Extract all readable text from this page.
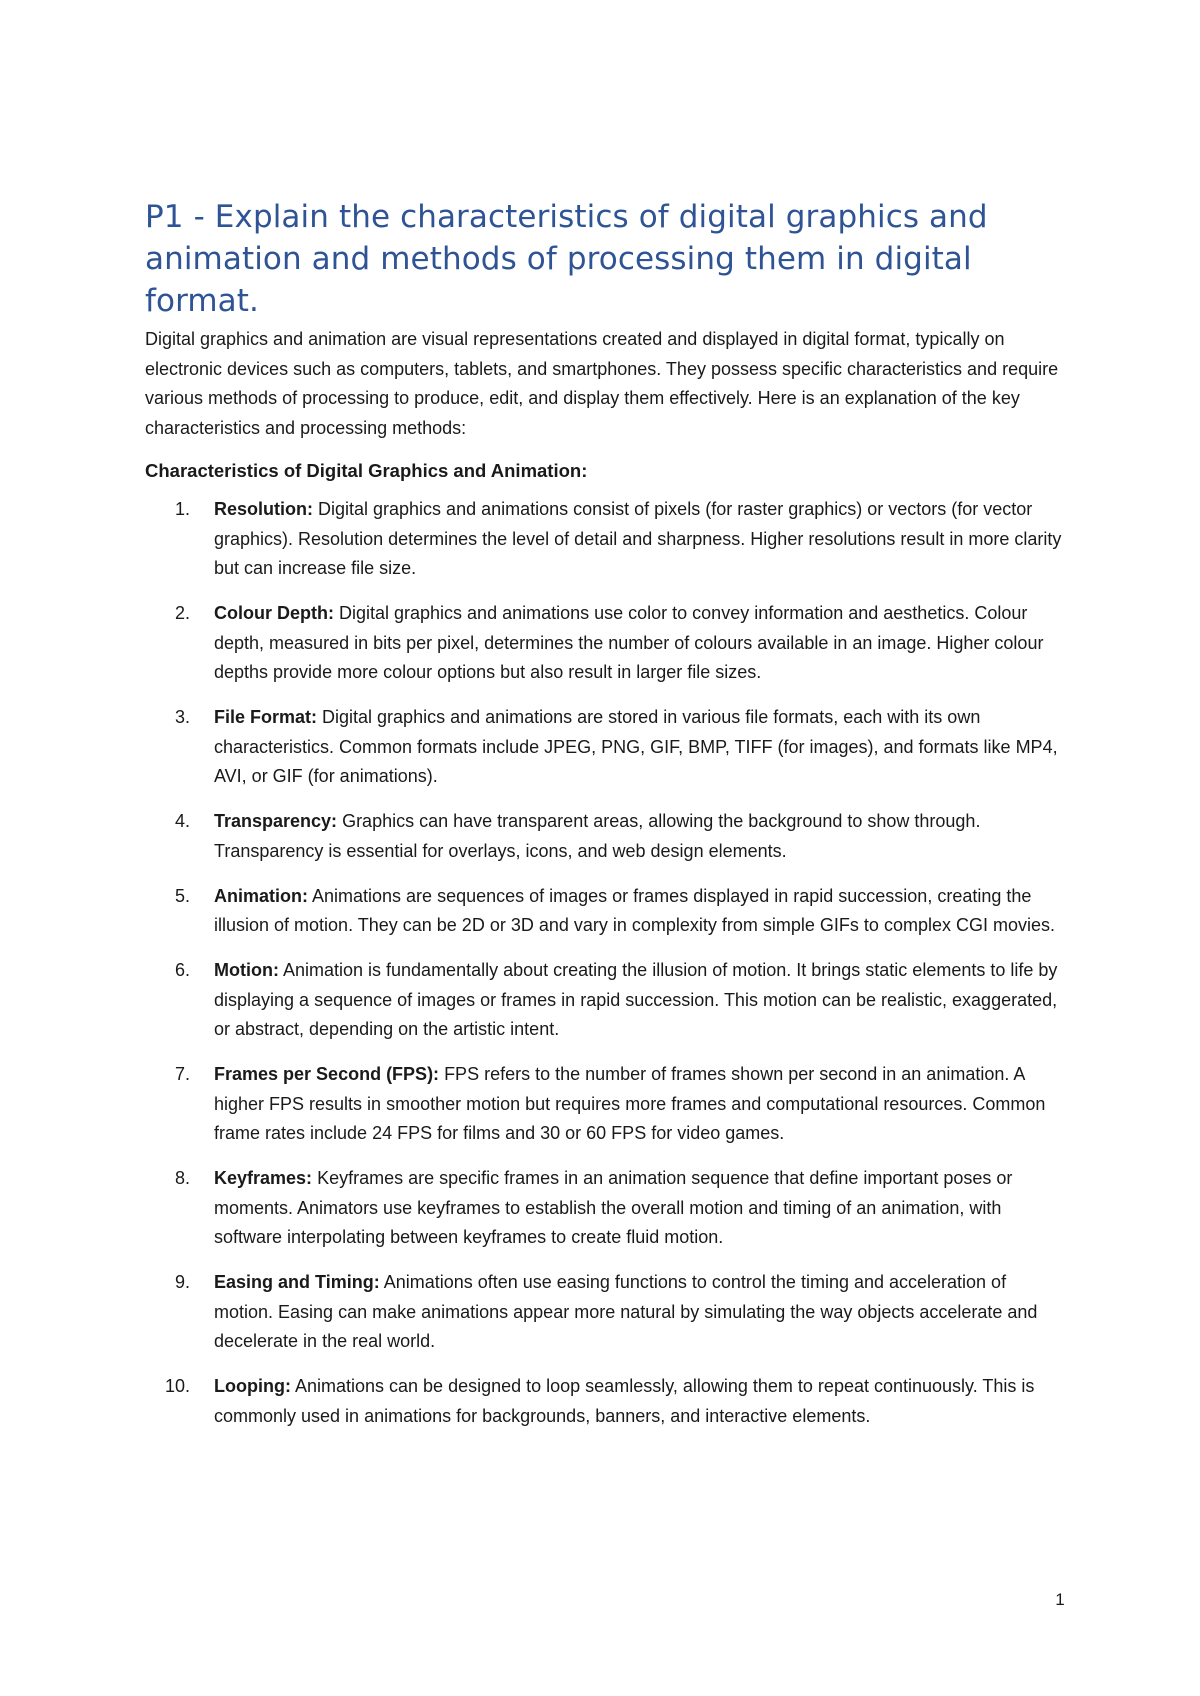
P1 - Explain the characteristics of digital graphics and animation and methods of processing them in digital format.

Digital graphics and animation are visual representations created and displayed in digital format, typically on electronic devices such as computers, tablets, and smartphones. They possess specific characteristics and require various methods of processing to produce, edit, and display them effectively. Here is an explanation of the key characteristics and processing methods:

Characteristics of Digital Graphics and Animation:
1. Resolution: Digital graphics and animations consist of pixels (for raster graphics) or vectors (for vector graphics). Resolution determines the level of detail and sharpness. Higher resolutions result in more clarity but can increase file size.
2. Colour Depth: Digital graphics and animations use color to convey information and aesthetics. Colour depth, measured in bits per pixel, determines the number of colours available in an image. Higher colour depths provide more colour options but also result in larger file sizes.
3. File Format: Digital graphics and animations are stored in various file formats, each with its own characteristics. Common formats include JPEG, PNG, GIF, BMP, TIFF (for images), and formats like MP4, AVI, or GIF (for animations).
4. Transparency: Graphics can have transparent areas, allowing the background to show through. Transparency is essential for overlays, icons, and web design elements.
5. Animation: Animations are sequences of images or frames displayed in rapid succession, creating the illusion of motion. They can be 2D or 3D and vary in complexity from simple GIFs to complex CGI movies.
6. Motion: Animation is fundamentally about creating the illusion of motion. It brings static elements to life by displaying a sequence of images or frames in rapid succession. This motion can be realistic, exaggerated, or abstract, depending on the artistic intent.
7. Frames per Second (FPS): FPS refers to the number of frames shown per second in an animation. A higher FPS results in smoother motion but requires more frames and computational resources. Common frame rates include 24 FPS for films and 30 or 60 FPS for video games.
8. Keyframes: Keyframes are specific frames in an animation sequence that define important poses or moments. Animators use keyframes to establish the overall motion and timing of an animation, with software interpolating between keyframes to create fluid motion.
9. Easing and Timing: Animations often use easing functions to control the timing and acceleration of motion. Easing can make animations appear more natural by simulating the way objects accelerate and decelerate in the real world.
10. Looping: Animations can be designed to loop seamlessly, allowing them to repeat continuously. This is commonly used in animations for backgrounds, banners, and interactive elements.
1
